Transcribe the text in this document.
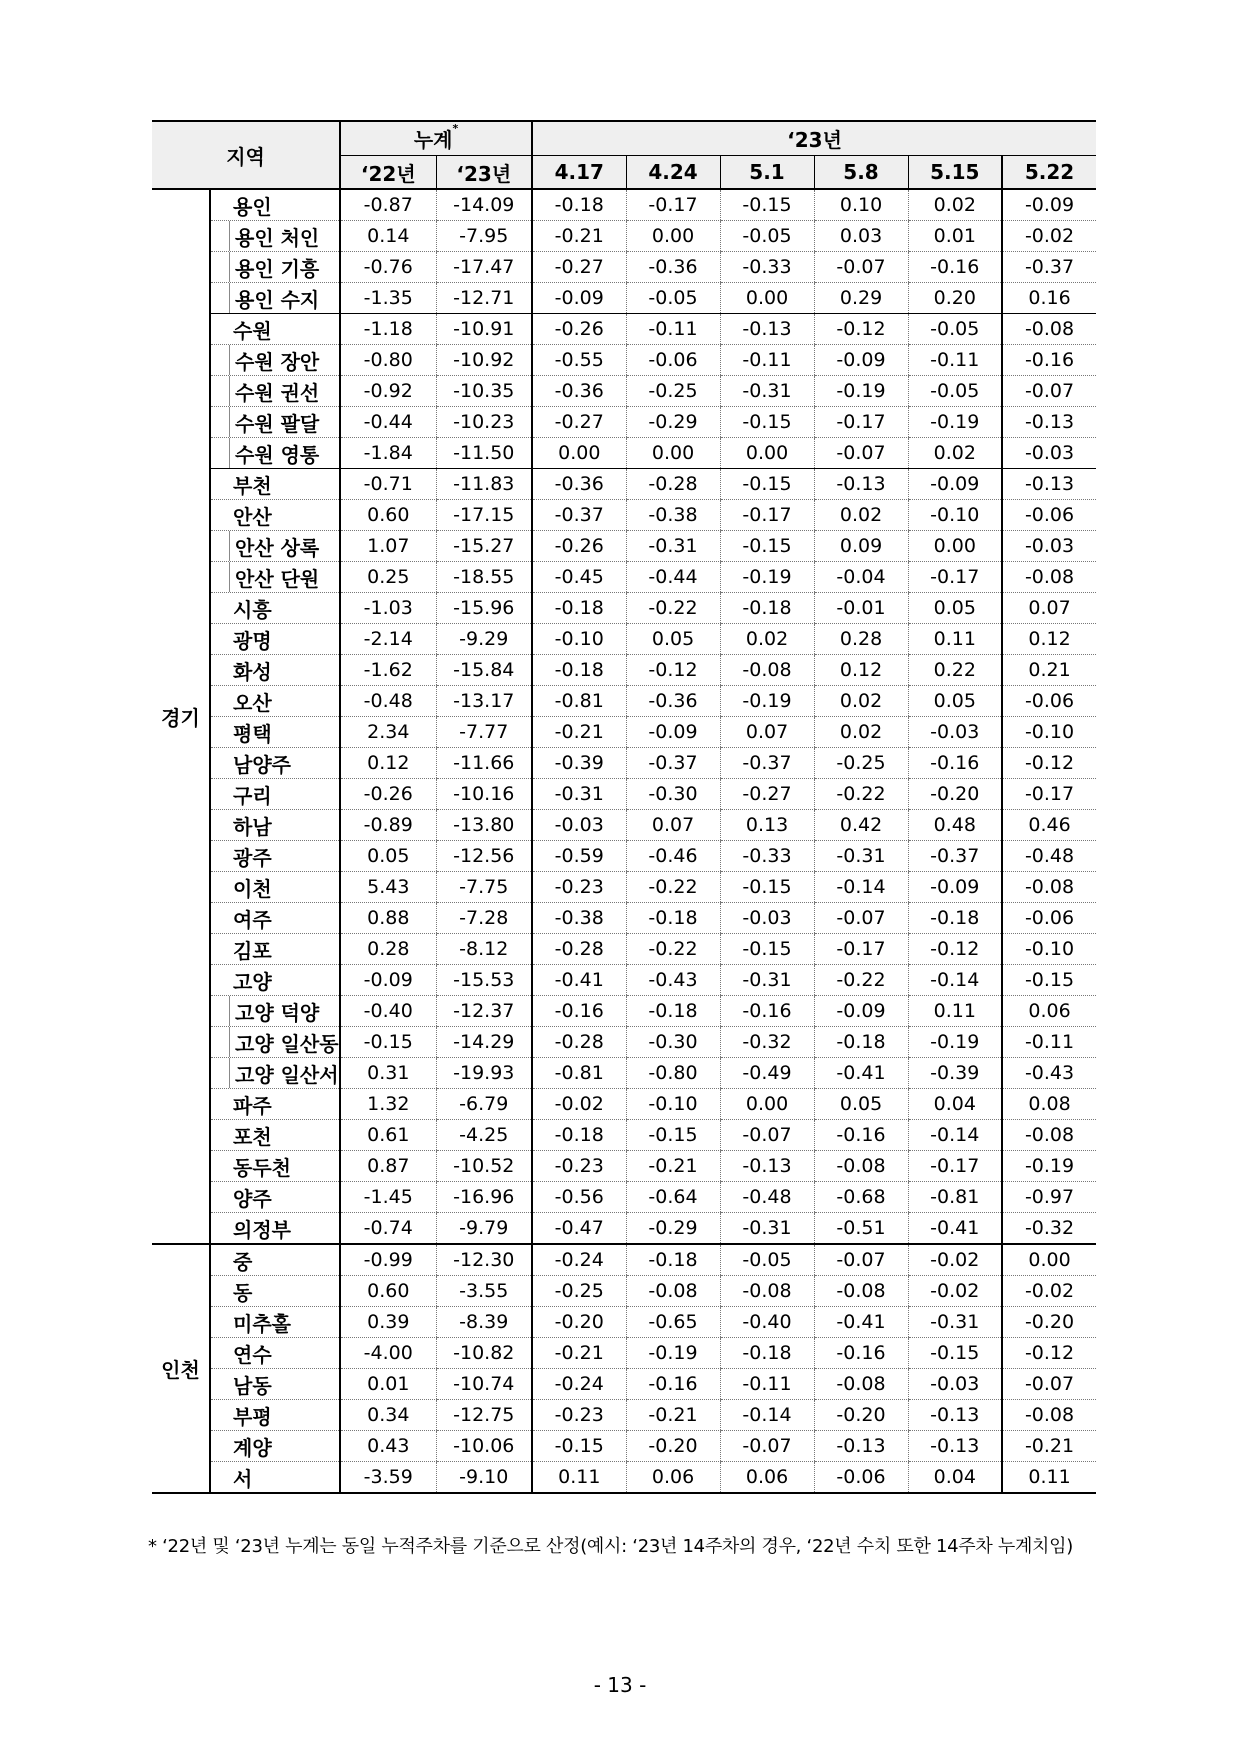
지역		누계*		‘23년					
		‘22년	‘23년	4.17	4.24	5.1	5.8	5.15	5.22
경기	용인	-0.87	-14.09	-0.18	-0.17	-0.15	0.10	0.02	-0.09
	용인 처인	0.14	-7.95	-0.21	0.00	-0.05	0.03	0.01	-0.02
	용인 기흥	-0.76	-17.47	-0.27	-0.36	-0.33	-0.07	-0.16	-0.37
	용인 수지	-1.35	-12.71	-0.09	-0.05	0.00	0.29	0.20	0.16
	수원	-1.18	-10.91	-0.26	-0.11	-0.13	-0.12	-0.05	-0.08
	수원 장안	-0.80	-10.92	-0.55	-0.06	-0.11	-0.09	-0.11	-0.16
	수원 권선	-0.92	-10.35	-0.36	-0.25	-0.31	-0.19	-0.05	-0.07
	수원 팔달	-0.44	-10.23	-0.27	-0.29	-0.15	-0.17	-0.19	-0.13
	수원 영통	-1.84	-11.50	0.00	0.00	0.00	-0.07	0.02	-0.03
	부천	-0.71	-11.83	-0.36	-0.28	-0.15	-0.13	-0.09	-0.13
	안산	0.60	-17.15	-0.37	-0.38	-0.17	0.02	-0.10	-0.06
	안산 상록	1.07	-15.27	-0.26	-0.31	-0.15	0.09	0.00	-0.03
	안산 단원	0.25	-18.55	-0.45	-0.44	-0.19	-0.04	-0.17	-0.08
	시흥	-1.03	-15.96	-0.18	-0.22	-0.18	-0.01	0.05	0.07
	광명	-2.14	-9.29	-0.10	0.05	0.02	0.28	0.11	0.12
	화성	-1.62	-15.84	-0.18	-0.12	-0.08	0.12	0.22	0.21
	오산	-0.48	-13.17	-0.81	-0.36	-0.19	0.02	0.05	-0.06
	평택	2.34	-7.77	-0.21	-0.09	0.07	0.02	-0.03	-0.10
	남양주	0.12	-11.66	-0.39	-0.37	-0.37	-0.25	-0.16	-0.12
	구리	-0.26	-10.16	-0.31	-0.30	-0.27	-0.22	-0.20	-0.17
	하남	-0.89	-13.80	-0.03	0.07	0.13	0.42	0.48	0.46
	광주	0.05	-12.56	-0.59	-0.46	-0.33	-0.31	-0.37	-0.48
	이천	5.43	-7.75	-0.23	-0.22	-0.15	-0.14	-0.09	-0.08
	여주	0.88	-7.28	-0.38	-0.18	-0.03	-0.07	-0.18	-0.06
	김포	0.28	-8.12	-0.28	-0.22	-0.15	-0.17	-0.12	-0.10
	고양	-0.09	-15.53	-0.41	-0.43	-0.31	-0.22	-0.14	-0.15
	고양 덕양	-0.40	-12.37	-0.16	-0.18	-0.16	-0.09	0.11	0.06
	고양 일산동	-0.15	-14.29	-0.28	-0.30	-0.32	-0.18	-0.19	-0.11
	고양 일산서	0.31	-19.93	-0.81	-0.80	-0.49	-0.41	-0.39	-0.43
	파주	1.32	-6.79	-0.02	-0.10	0.00	0.05	0.04	0.08
	포천	0.61	-4.25	-0.18	-0.15	-0.07	-0.16	-0.14	-0.08
	동두천	0.87	-10.52	-0.23	-0.21	-0.13	-0.08	-0.17	-0.19
	양주	-1.45	-16.96	-0.56	-0.64	-0.48	-0.68	-0.81	-0.97
	의정부	-0.74	-9.79	-0.47	-0.29	-0.31	-0.51	-0.41	-0.32
인천	중	-0.99	-12.30	-0.24	-0.18	-0.05	-0.07	-0.02	0.00
	동	0.60	-3.55	-0.25	-0.08	-0.08	-0.08	-0.02	-0.02
	미추홀	0.39	-8.39	-0.20	-0.65	-0.40	-0.41	-0.31	-0.20
	연수	-4.00	-10.82	-0.21	-0.19	-0.18	-0.16	-0.15	-0.12
	남동	0.01	-10.74	-0.24	-0.16	-0.11	-0.08	-0.03	-0.07
	부평	0.34	-12.75	-0.23	-0.21	-0.14	-0.20	-0.13	-0.08
	계양	0.43	-10.06	-0.15	-0.20	-0.07	-0.13	-0.13	-0.21
	서	-3.59	-9.10	0.11	0.06	0.06	-0.06	0.04	0.11
* ‘22년 및 ‘23년 누계는 동일 누적주차를 기준으로 산정(예시: ‘23년 14주차의 경우, ‘22년 수치 또한 14주차 누계치임)
- 13 -
